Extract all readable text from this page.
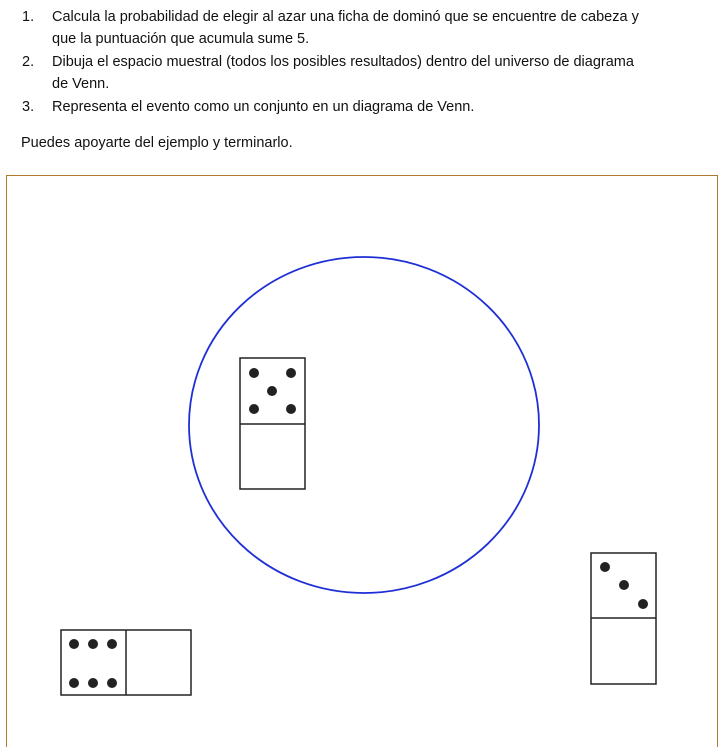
1. Calcula la probabilidad de elegir al azar una ficha de dominó que se encuentre de cabeza y
que la puntuación que acumula sume 5.
2. Dibuja el espacio muestral (todos los posibles resultados) dentro del universo de diagrama
de Venn.
3. Representa el evento como un conjunto en un diagrama de Venn.
Puedes apoyarte del ejemplo y terminarlo.
